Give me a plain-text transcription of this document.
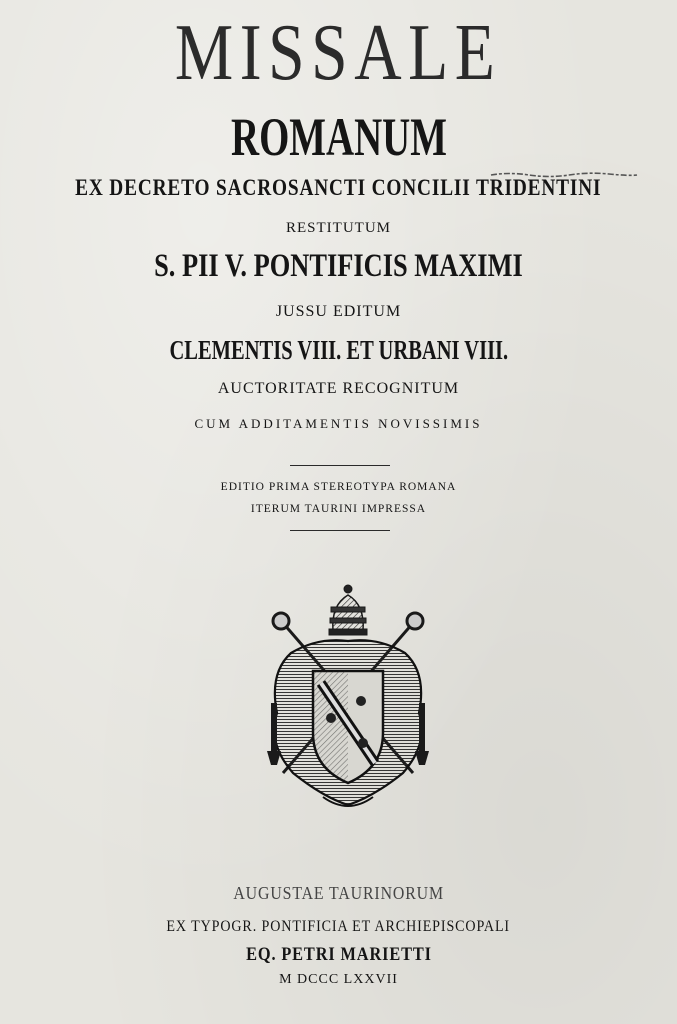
MISSALE
ROMANUM
EX DECRETO SACROSANCTI CONCILII TRIDENTINI
RESTITUTUM
S. PII V. PONTIFICIS MAXIMI
JUSSU EDITUM
CLEMENTIS VIII. ET URBANI VIII.
AUCTORITATE RECOGNITUM
CUM ADDITAMENTIS NOVISSIMIS
EDITIO PRIMA STEREOTYPA ROMANA
ITERUM TAURINI IMPRESSA
AUGUSTAE TAURINORUM
EX TYPOGR. PONTIFICIA ET ARCHIEPISCOPALI
EQ. PETRI MARIETTI
M DCCC LXXVII
